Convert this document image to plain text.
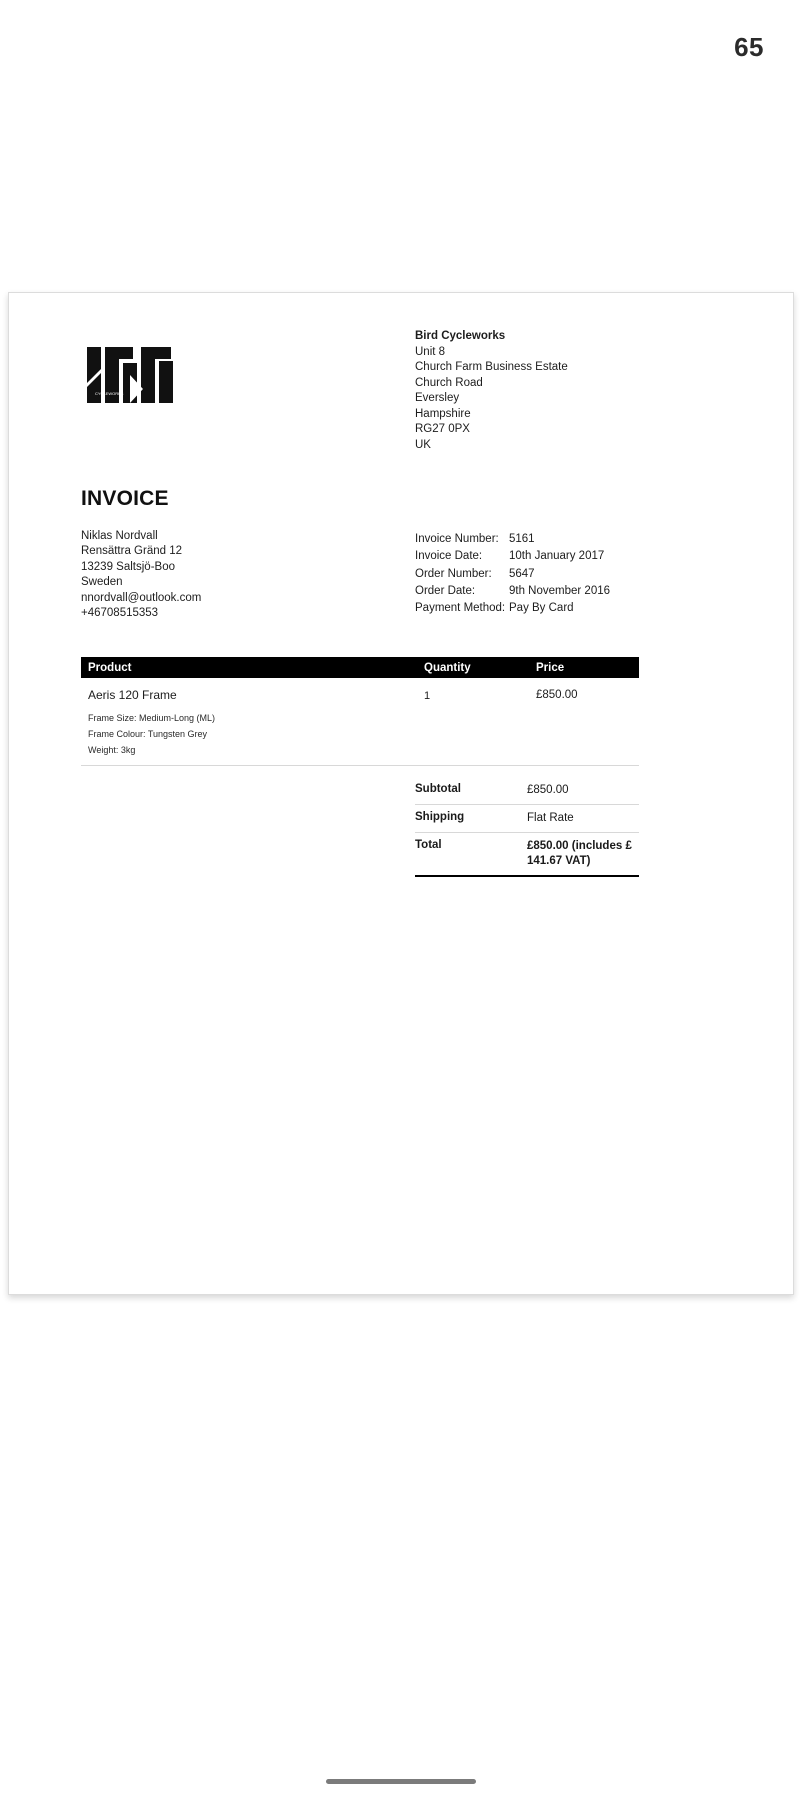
65
CYCLEWORKS
Bird Cycleworks
Unit 8
Church Farm Business Estate
Church Road
Eversley
Hampshire
RG27 0PX
UK
INVOICE
Niklas Nordvall
Rensättra Gränd 12
13239 Saltsjö-Boo
Sweden
nnordvall@outlook.com
+46708515353
Invoice Number: 5161
Invoice Date:	10th January 2017
Order Number:	5647
Order Date:	9th November 2016
Payment Method: Pay By Card
Product	Quantity	Price
Aeris 120 Frame	1	£850.00
Frame Size: Medium-Long (ML)
Frame Colour: Tungsten Grey
Weight: 3kg
Subtotal	£850.00
Shipping	Flat Rate
Total	£850.00 (includes £ 141.67 VAT)
